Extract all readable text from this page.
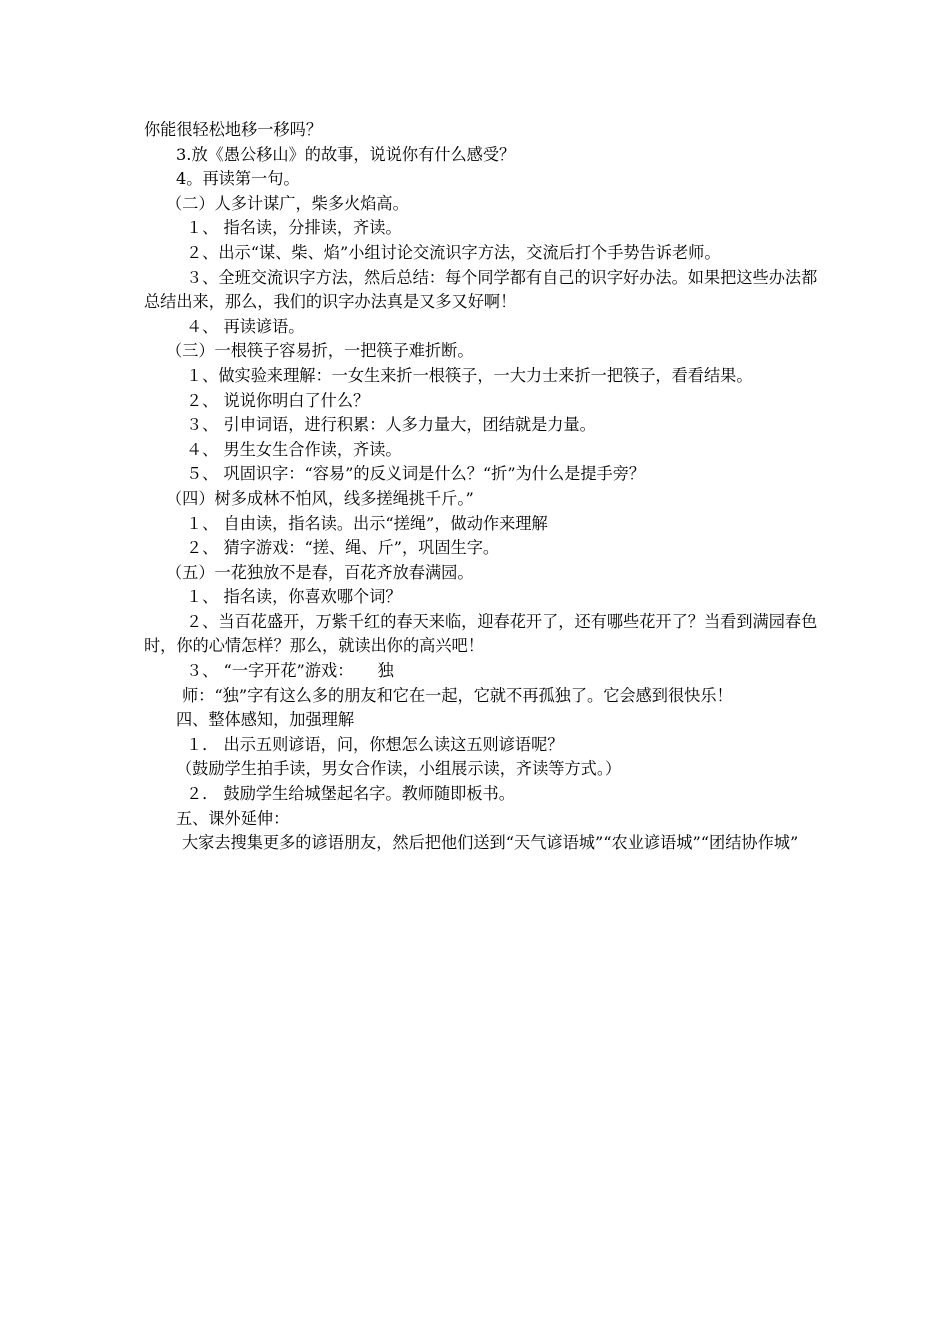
你能很轻松地移一移吗？

3.放《愚公移山》的故事，说说你有什么感受？

4。再读第一句。

（二）人多计谋广，柴多火焰高。

１、 指名读，分排读，齐读。

２、出示“谋、柴、焰”小组讨论交流识字方法，交流后打个手势告诉老师。

３、全班交流识字方法，然后总结：每个同学都有自己的识字好办法。如果把这些办法都总结出来，那么，我们的识字办法真是又多又好啊！

４、 再读谚语。

（三）一根筷子容易折，一把筷子难折断。

１、做实验来理解：一女生来折一根筷子，一大力士来折一把筷子，看看结果。

２、 说说你明白了什么？

３、 引申词语，进行积累：人多力量大，团结就是力量。

４、 男生女生合作读，齐读。

５、 巩固识字：“容易”的反义词是什么？“折”为什么是提手旁？

（四）树多成林不怕风，线多搓绳挑千斤。”

１、 自由读，指名读。出示“搓绳”，做动作来理解

２、 猜字游戏：“搓、绳、斤”，巩固生字。

（五）一花独放不是春，百花齐放春满园。

１、 指名读，你喜欢哪个词？

２、当百花盛开，万紫千红的春天来临，迎春花开了，还有哪些花开了？当看到满园春色时，你的心情怎样？那么，就读出你的高兴吧！

３、 “一字开花”游戏：　　独

师：“独”字有这么多的朋友和它在一起，它就不再孤独了。它会感到很快乐！

四、整体感知，加强理解

１． 出示五则谚语，问，你想怎么读这五则谚语呢？

（鼓励学生拍手读，男女合作读，小组展示读，齐读等方式。）

２． 鼓励学生给城堡起名字。教师随即板书。

五、课外延伸：

大家去搜集更多的谚语朋友，然后把他们送到“天气谚语城”“农业谚语城”“团结协作城”
